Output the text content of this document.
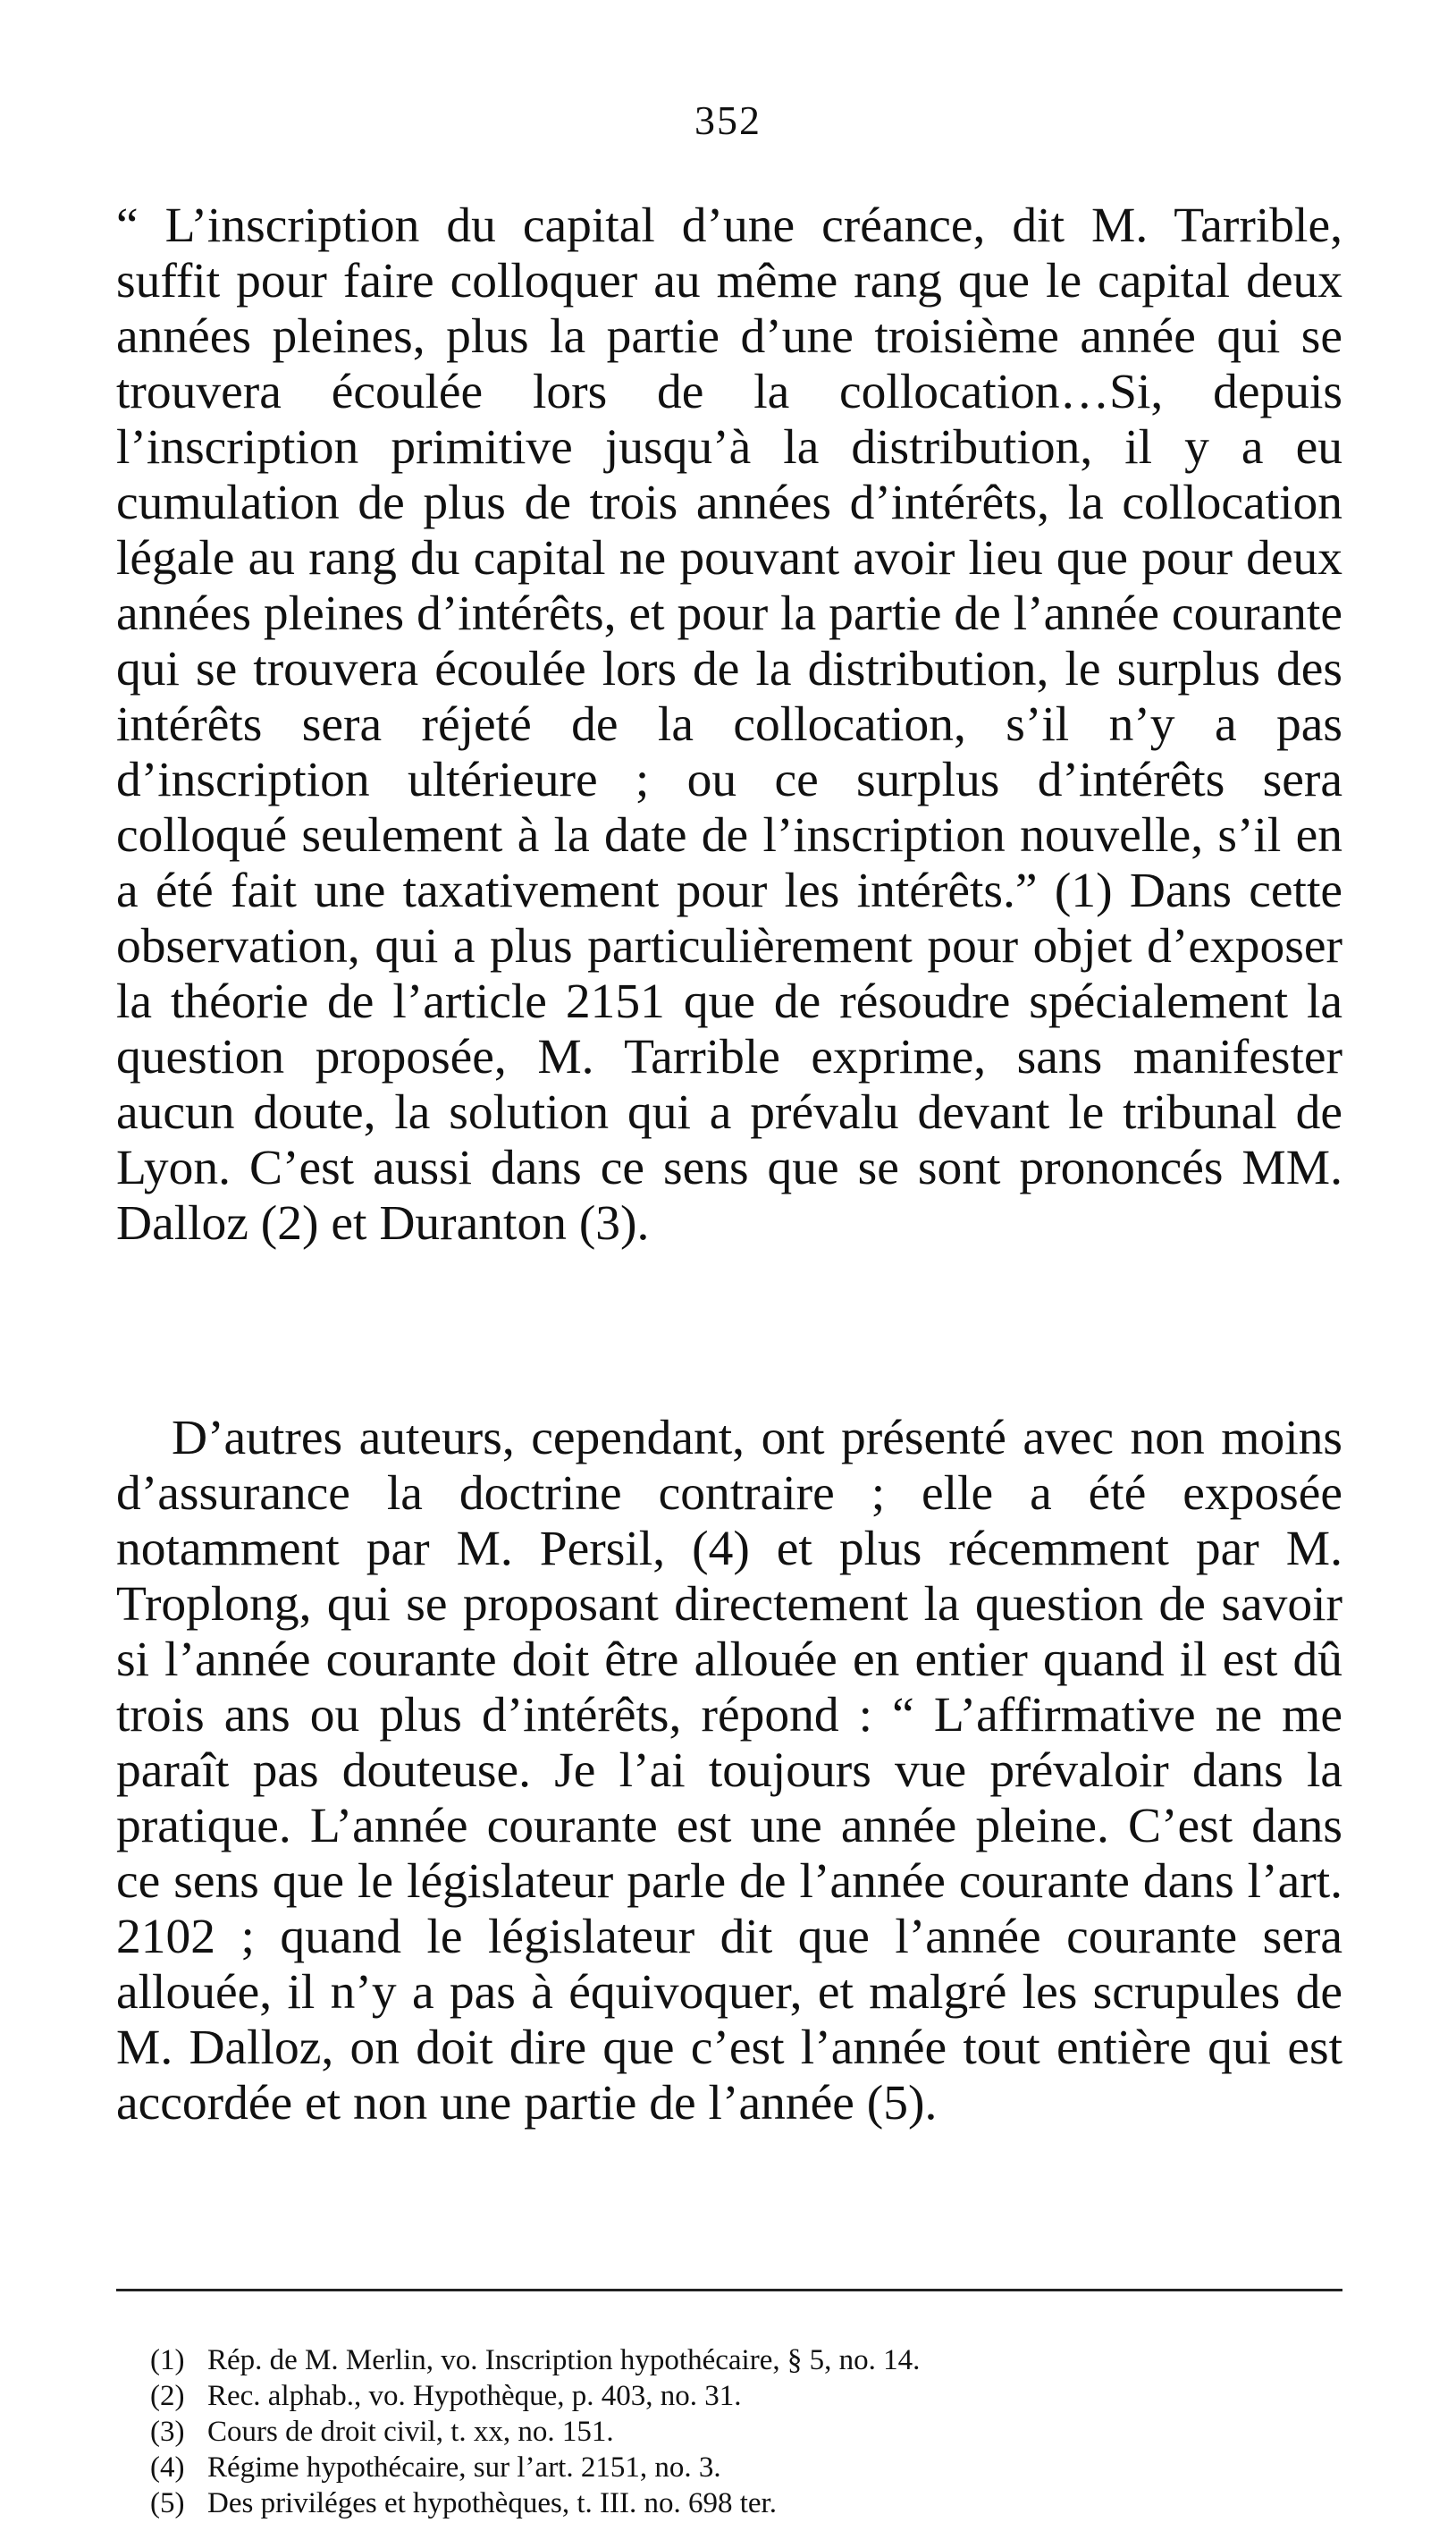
352
“ L’inscription du capital d’une créance, dit M. Tarrible, suffit pour faire colloquer au même rang que le capital deux années pleines, plus la partie d’une troisième année qui se trouvera écoulée lors de la collocation…Si, depuis l’inscription primitive jusqu’à la distribution, il y a eu cumulation de plus de trois années d’intérêts, la collocation légale au rang du capital ne pouvant avoir lieu que pour deux années pleines d’intérêts, et pour la partie de l’année courante qui se trouvera écoulée lors de la distribution, le surplus des intérêts sera réjeté de la collocation, s’il n’y a pas d’inscription ultérieure ; ou ce surplus d’intérêts sera colloqué seulement à la date de l’inscription nouvelle, s’il en a été fait une taxativement pour les intérêts.” (1) Dans cette observation, qui a plus particulièrement pour objet d’exposer la théorie de l’article 2151 que de résoudre spécialement la question proposée, M. Tarrible exprime, sans manifester aucun doute, la solution qui a prévalu devant le tribunal de Lyon. C’est aussi dans ce sens que se sont prononcés MM. Dalloz (2) et Duranton (3).
D’autres auteurs, cependant, ont présenté avec non moins d’assurance la doctrine contraire ; elle a été exposée notamment par M. Persil, (4) et plus récemment par M. Troplong, qui se proposant directement la question de savoir si l’année courante doit être allouée en entier quand il est dû trois ans ou plus d’intérêts, répond : “ L’affirmative ne me paraît pas douteuse. Je l’ai toujours vue prévaloir dans la pratique. L’année courante est une année pleine. C’est dans ce sens que le législateur parle de l’année courante dans l’art. 2102 ; quand le législateur dit que l’année courante sera allouée, il n’y a pas à équivoquer, et malgré les scrupules de M. Dalloz, on doit dire que c’est l’année tout entière qui est accordée et non une partie de l’année (5).
(1) Rép. de M. Merlin, vo. Inscription hypothécaire, § 5, no. 14.
(2) Rec. alphab., vo. Hypothèque, p. 403, no. 31.
(3) Cours de droit civil, t. xx, no. 151.
(4) Régime hypothécaire, sur l’art. 2151, no. 3.
(5) Des priviléges et hypothèques, t. III. no. 698 ter.
